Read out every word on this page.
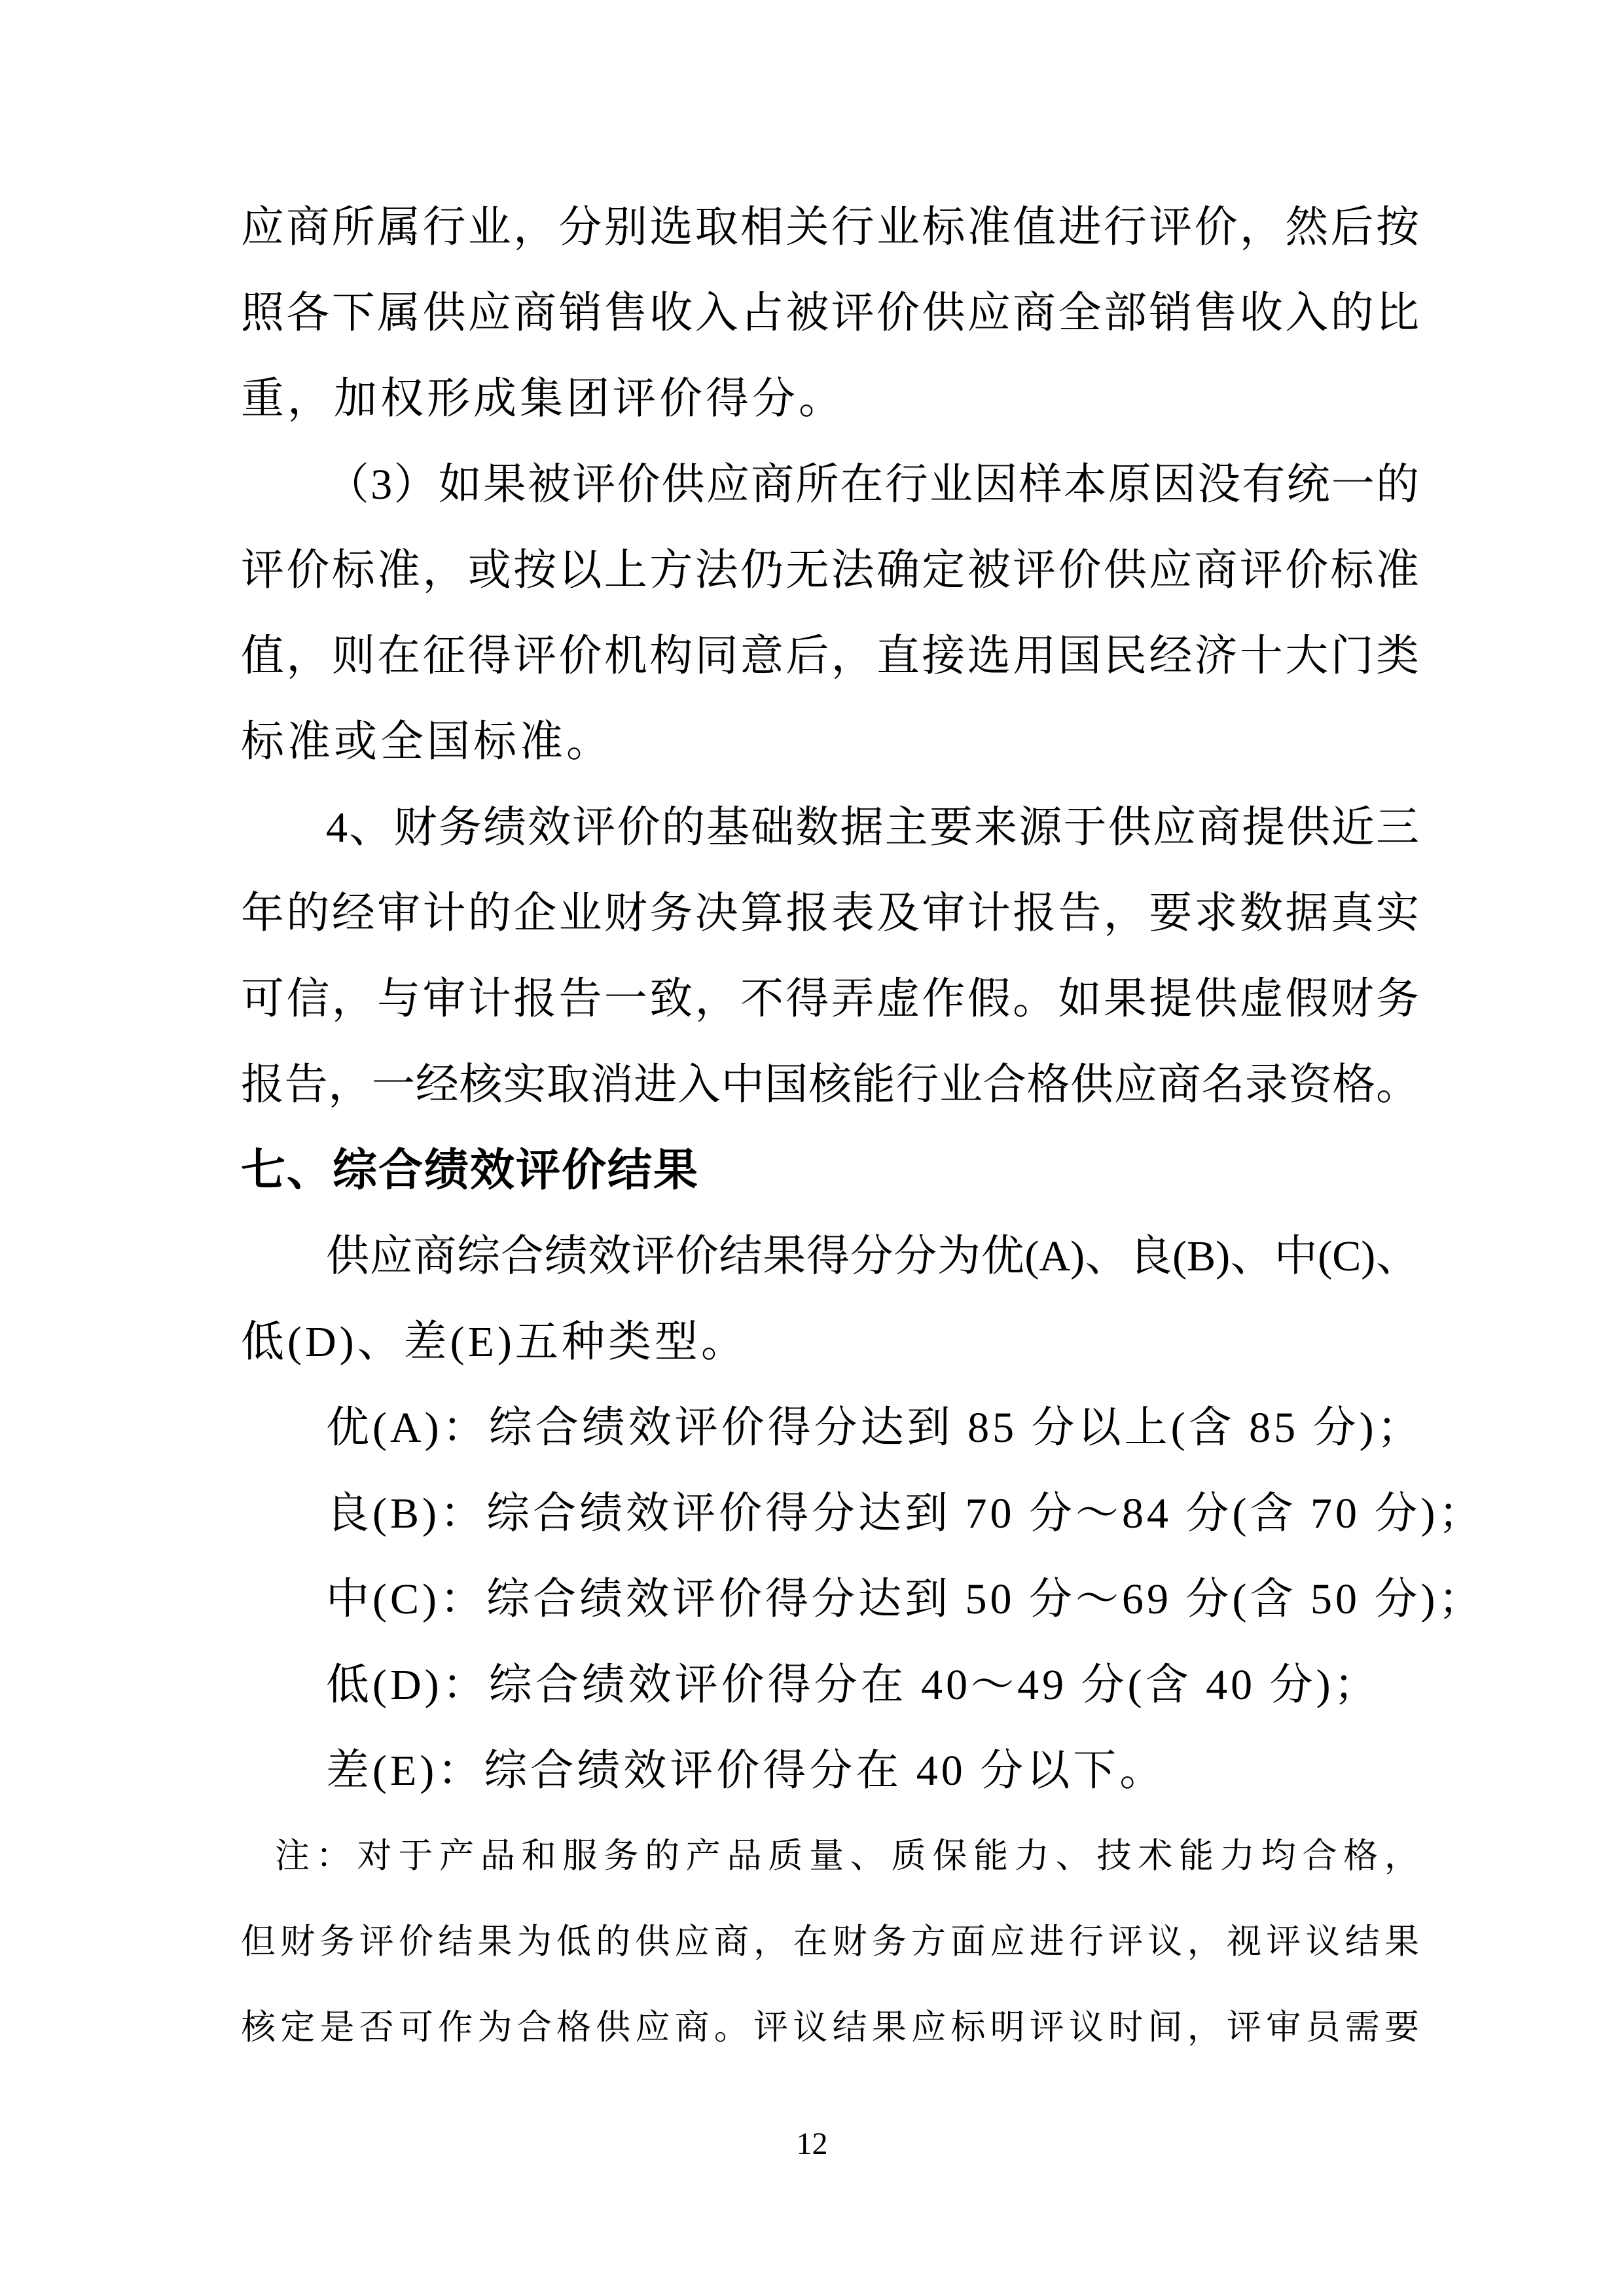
应商所属行业，分别选取相关行业标准值进行评价，然后按
照各下属供应商销售收入占被评价供应商全部销售收入的比
重，加权形成集团评价得分。
（3）如果被评价供应商所在行业因样本原因没有统一的
评价标准，或按以上方法仍无法确定被评价供应商评价标准
值，则在征得评价机构同意后，直接选用国民经济十大门类
标准或全国标准。
4、财务绩效评价的基础数据主要来源于供应商提供近三
年的经审计的企业财务决算报表及审计报告，要求数据真实
可信，与审计报告一致，不得弄虚作假。如果提供虚假财务
报告，一经核实取消进入中国核能行业合格供应商名录资格。
七、综合绩效评价结果
供应商综合绩效评价结果得分分为优(A)、良(B)、中(C)、
低(D)、差(E)五种类型。
优(A)：综合绩效评价得分达到 85 分以上(含 85 分)；
良(B)：综合绩效评价得分达到 70 分～84 分(含 70 分)；
中(C)：综合绩效评价得分达到 50 分～69 分(含 50 分)；
低(D)：综合绩效评价得分在 40～49 分(含 40 分)；
差(E)：综合绩效评价得分在 40 分以下。
注：对于产品和服务的产品质量、质保能力、技术能力均合格，
但财务评价结果为低的供应商，在财务方面应进行评议，视评议结果
核定是否可作为合格供应商。评议结果应标明评议时间，评审员需要
12
